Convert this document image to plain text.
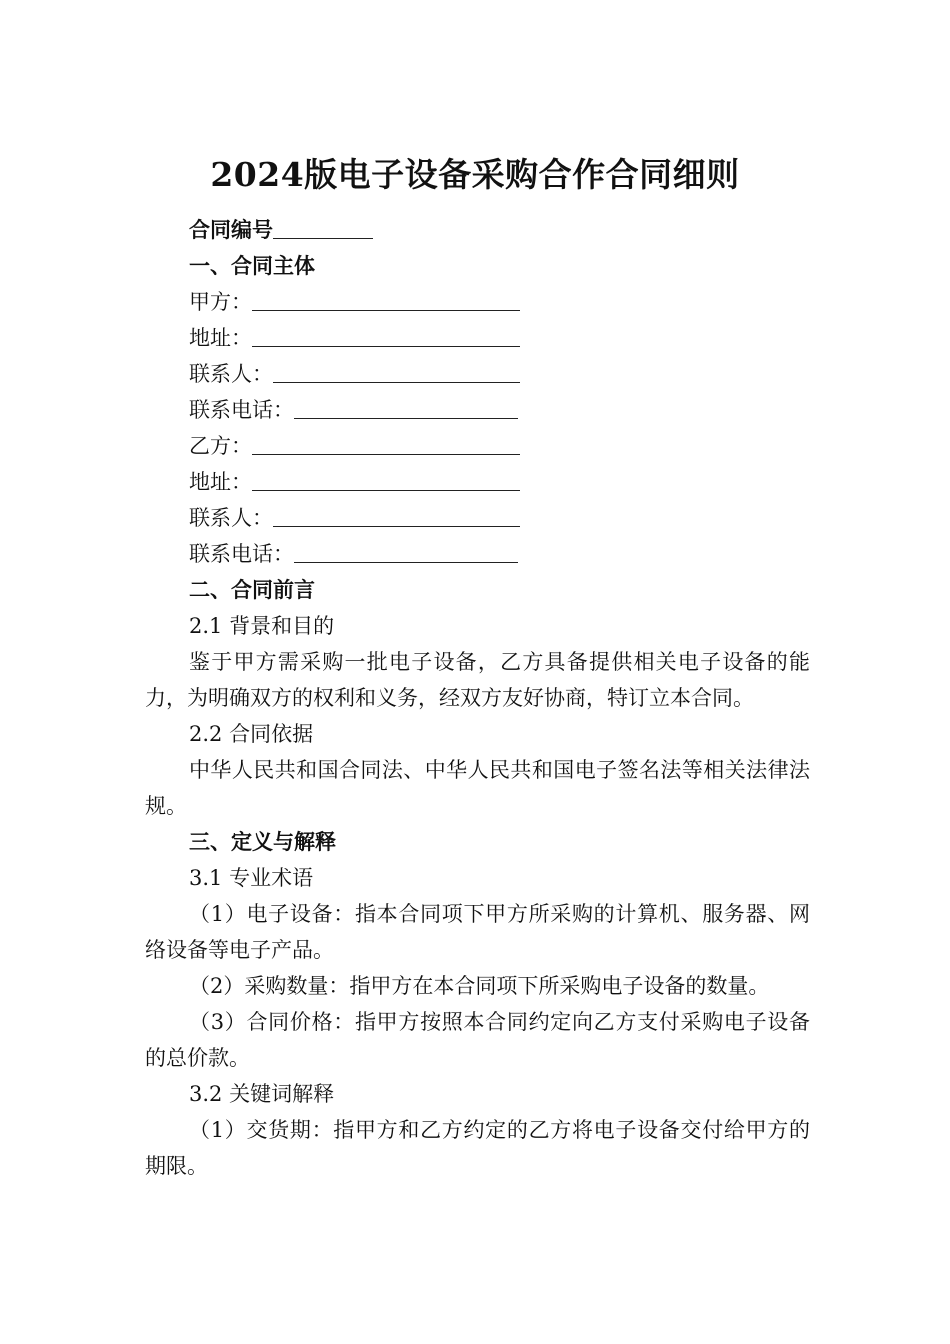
2024版电子设备采购合作合同细则
合同编号
一、合同主体
甲方：
地址：
联系人：
联系电话：
乙方：
地址：
联系人：
联系电话：
二、合同前言
2.1 背景和目的
鉴于甲方需采购一批电子设备，乙方具备提供相关电子设备的能力，为明确双方的权利和义务，经双方友好协商，特订立本合同。
2.2 合同依据
中华人民共和国合同法、中华人民共和国电子签名法等相关法律法规。
三、定义与解释
3.1 专业术语
（1）电子设备：指本合同项下甲方所采购的计算机、服务器、网络设备等电子产品。
（2）采购数量：指甲方在本合同项下所采购电子设备的数量。
（3）合同价格：指甲方按照本合同约定向乙方支付采购电子设备的总价款。
3.2 关键词解释
（1）交货期：指甲方和乙方约定的乙方将电子设备交付给甲方的期限。
